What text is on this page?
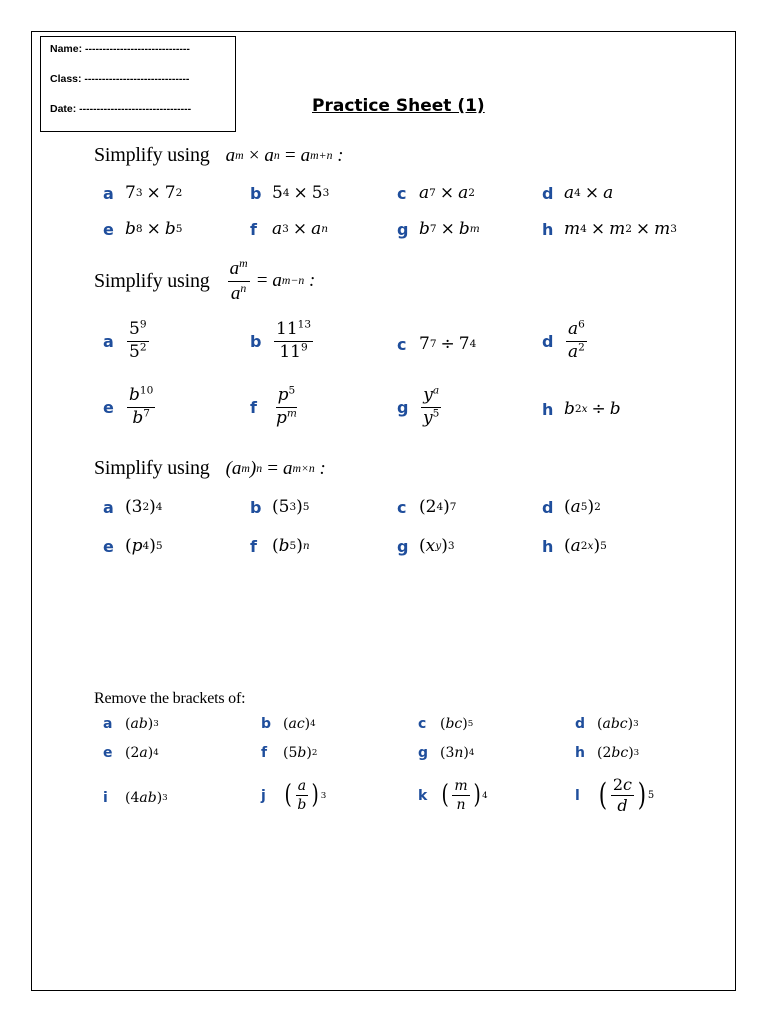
Name: ------------------------------
Class: ------------------------------
Date: --------------------------------	Practice Sheet (1)
Simplify using a m × a n = a m+n :
a 7 3 × 7 2	b 5 4 × 5 3	c a 7 × a 2	d a 4 × a
e b 8 × b 5	f a 3 × a n	g b 7 × b m	h m 4 × m 2 × m 3
Simplify using $\frac{a^m}{a^n} = a$ m−n :
a $\frac{5^9}{5^2}$	b $\frac{11^{13}}{11^9}$	c 7 7 ÷ 7 4	d $\frac{a^6}{a^2}$
e $\frac{b^{10}}{b^7}$	f	$\frac{p^5}{p^m}$	g $\frac{y^a}{y^5}$	h b 2x ÷ b
Simplify using ( a m ) n = a m×n :
a (3 2 ) 4	b (5 3 ) 5	c (2 4 ) 7	d ( a 5 ) 2
e ( p 4 ) 5	f ( b 5 ) n	g ( x y ) 3	h ( a 2x ) 5
Remove the brackets of:
a ( ab ) 3	b ( ac ) 4	c ( bc ) 5	d ( abc ) 3
e (2 a ) 4	f	(5 b ) 2	g (3 n ) 4	h (2 bc ) 3
i	(4 ab ) 3	j ( $\frac{a}{b}$ ) 3	k ( $\frac{m}{n}$ ) 4	l ( $\frac{2c}{d}$ ) 5
